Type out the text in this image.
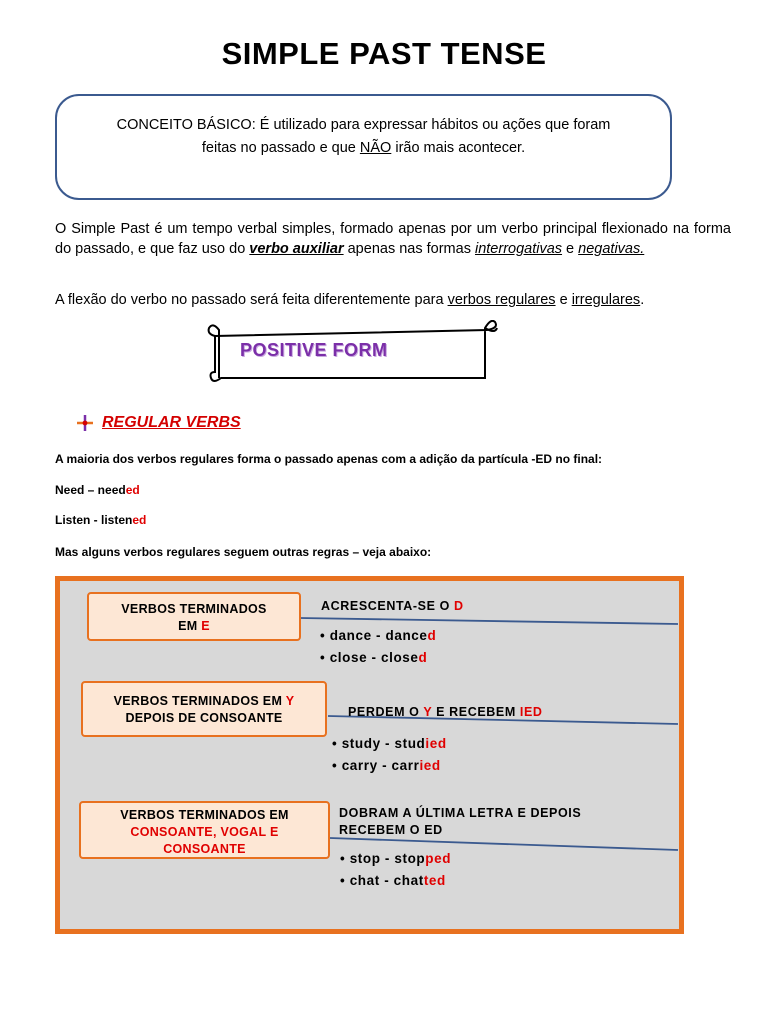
SIMPLE PAST TENSE
CONCEITO BÁSICO: É utilizado para expressar hábitos ou ações que foram
feitas no passado e que NÃO irão mais acontecer.
O Simple Past é um tempo verbal simples, formado apenas por um verbo principal flexionado na forma do passado, e que faz uso do verbo auxiliar apenas nas formas interrogativas e negativas.
A flexão do verbo no passado será feita diferentemente para verbos regulares e irregulares.
POSITIVE FORM
REGULAR VERBS
A maioria dos verbos regulares forma o passado apenas com a adição da partícula -ED no final:
Need – needed
Listen - listened
Mas alguns verbos regulares seguem outras regras – veja abaixo:
VERBOS TERMINADOS
EM E
ACRESCENTA-SE O D
• dance - danced
• close - closed
VERBOS TERMINADOS EM Y
DEPOIS DE CONSOANTE	PERDEM O Y E RECEBEM IED
• study - studied
• carry - carried
VERBOS TERMINADOS EM
CONSOANTE, VOGAL E
CONSOANTE
DOBRAM A ÚLTIMA LETRA E DEPOIS
RECEBEM O ED
• stop - stopped
• chat - chatted
